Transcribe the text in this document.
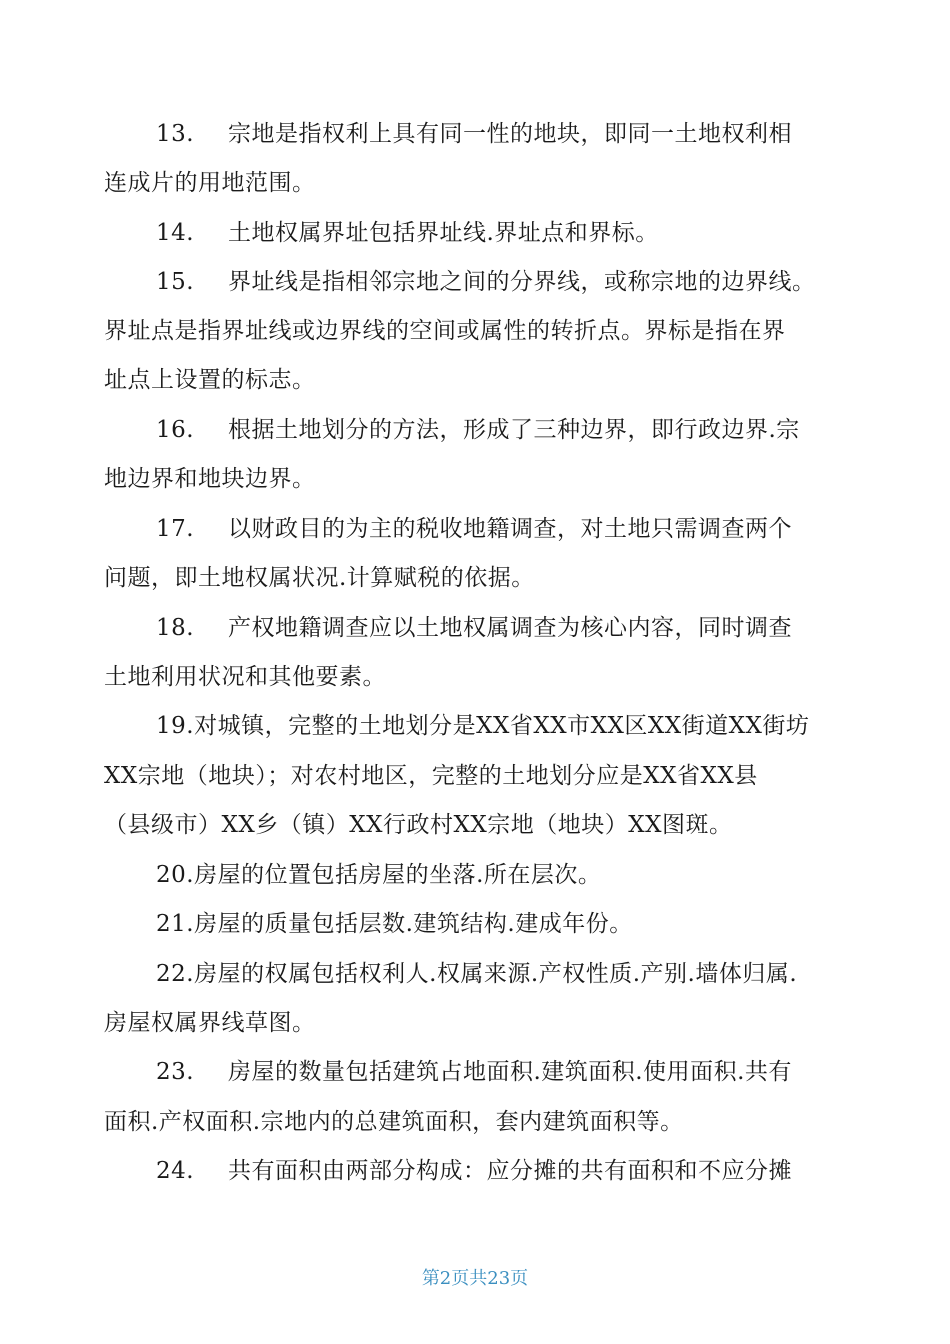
13. 宗地是指权利上具有同一性的地块，即同一土地权利相
连成片的用地范围。
14. 土地权属界址包括界址线.界址点和界标。
15. 界址线是指相邻宗地之间的分界线，或称宗地的边界线。
界址点是指界址线或边界线的空间或属性的转折点。界标是指在界
址点上设置的标志。
16. 根据土地划分的方法，形成了三种边界，即行政边界.宗
地边界和地块边界。
17. 以财政目的为主的税收地籍调查，对土地只需调查两个
问题，即土地权属状况.计算赋税的依据。
18. 产权地籍调查应以土地权属调查为核心内容，同时调查
土地利用状况和其他要素。
19.对城镇，完整的土地划分是XX省XX市XX区XX街道XX街坊
XX宗地（地块）；对农村地区，完整的土地划分应是XX省XX县
（县级市）XX乡（镇）XX行政村XX宗地（地块）XX图斑。
20.房屋的位置包括房屋的坐落.所在层次。
21.房屋的质量包括层数.建筑结构.建成年份。
22.房屋的权属包括权利人.权属来源.产权性质.产别.墙体归属.
房屋权属界线草图。
23. 房屋的数量包括建筑占地面积.建筑面积.使用面积.共有
面积.产权面积.宗地内的总建筑面积，套内建筑面积等。
24. 共有面积由两部分构成：应分摊的共有面积和不应分摊
第2页共23页
